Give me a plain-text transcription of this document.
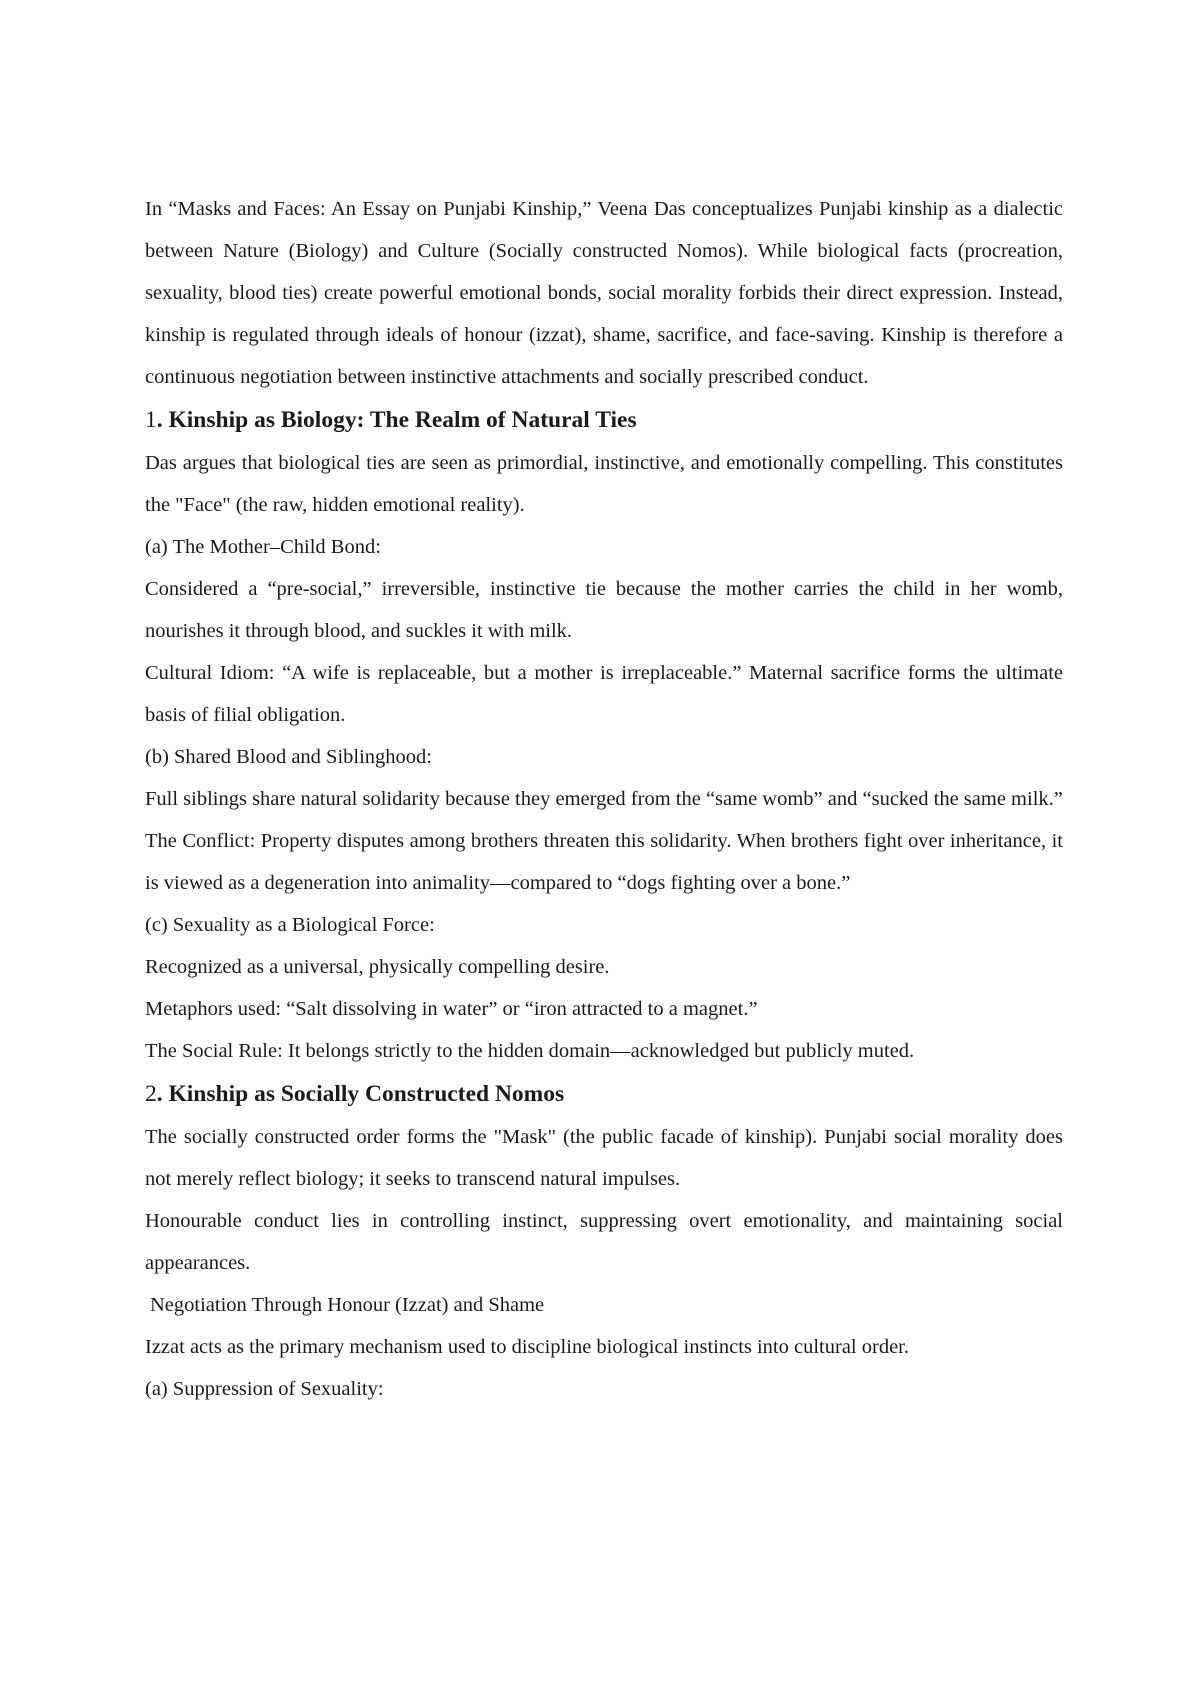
In “Masks and Faces: An Essay on Punjabi Kinship,” Veena Das conceptualizes Punjabi kinship as a dialectic between Nature (Biology) and Culture (Socially constructed Nomos). While biological facts (procreation, sexuality, blood ties) create powerful emotional bonds, social morality forbids their direct expression. Instead, kinship is regulated through ideals of honour (izzat), shame, sacrifice, and face-saving. Kinship is therefore a continuous negotiation between instinctive attachments and socially prescribed conduct.

1. Kinship as Biology: The Realm of Natural Ties

Das argues that biological ties are seen as primordial, instinctive, and emotionally compelling. This constitutes the "Face" (the raw, hidden emotional reality).

(a) The Mother–Child Bond:

Considered a “pre-social,” irreversible, instinctive tie because the mother carries the child in her womb, nourishes it through blood, and suckles it with milk.

Cultural Idiom: “A wife is replaceable, but a mother is irreplaceable.” Maternal sacrifice forms the ultimate basis of filial obligation.

(b) Shared Blood and Siblinghood:

Full siblings share natural solidarity because they emerged from the “same womb” and “sucked the same milk.”

The Conflict: Property disputes among brothers threaten this solidarity. When brothers fight over inheritance, it is viewed as a degeneration into animality—compared to “dogs fighting over a bone.”

(c) Sexuality as a Biological Force:

Recognized as a universal, physically compelling desire.

Metaphors used: “Salt dissolving in water” or “iron attracted to a magnet.”

The Social Rule: It belongs strictly to the hidden domain—acknowledged but publicly muted.

2. Kinship as Socially Constructed Nomos

The socially constructed order forms the "Mask" (the public facade of kinship). Punjabi social morality does not merely reflect biology; it seeks to transcend natural impulses.

Honourable conduct lies in controlling instinct, suppressing overt emotionality, and maintaining social appearances.

Negotiation Through Honour (Izzat) and Shame

Izzat acts as the primary mechanism used to discipline biological instincts into cultural order.

(a) Suppression of Sexuality:
